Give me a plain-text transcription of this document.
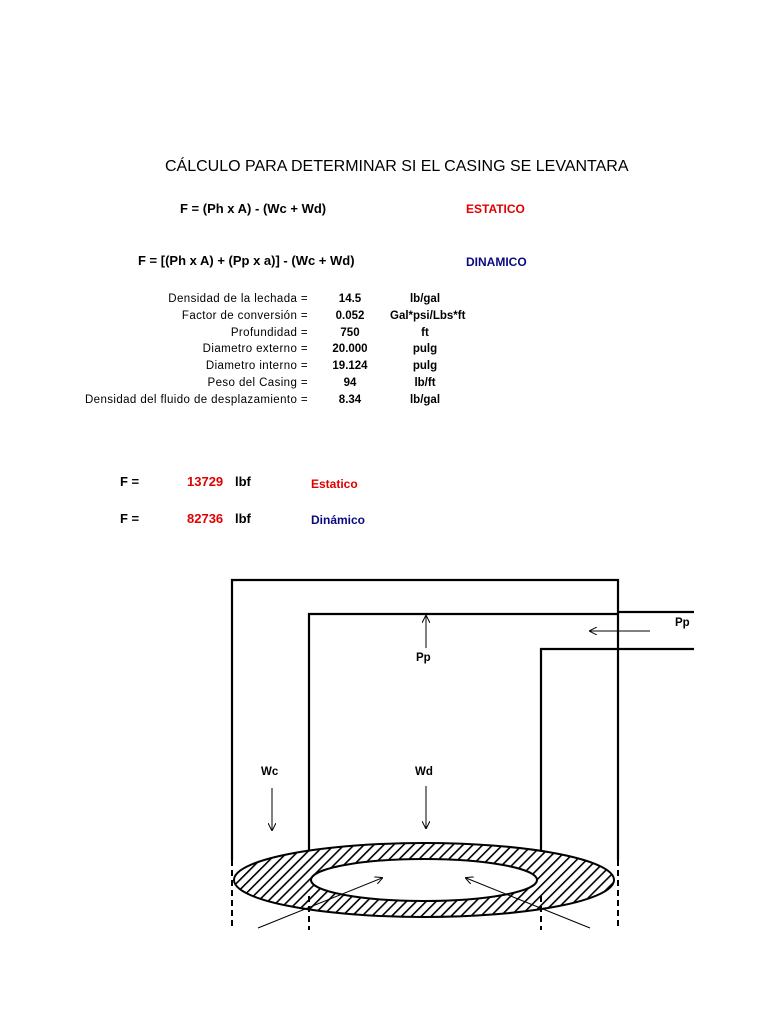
CÁLCULO PARA DETERMINAR SI EL CASING SE LEVANTARA
F = (Ph x A) - (Wc + Wd)	ESTATICO
F = [(Ph x A) + (Pp x a)] - (Wc + Wd)	DINAMICO
Densidad de la lechada =	14.5	lb/gal
Factor de conversión =	0.052	Gal*psi/Lbs*ft
Profundidad =	750	ft
Diametro externo =	20.000	pulg
Diametro interno =	19.124	pulg
Peso del Casing =	94	lb/ft
Densidad del fluido de desplazamiento =	8.34	lb/gal
F =	13729 lbf	Estatico
F =	82736 lbf	Dinámico
Pp
Pp
Wc	Wd
